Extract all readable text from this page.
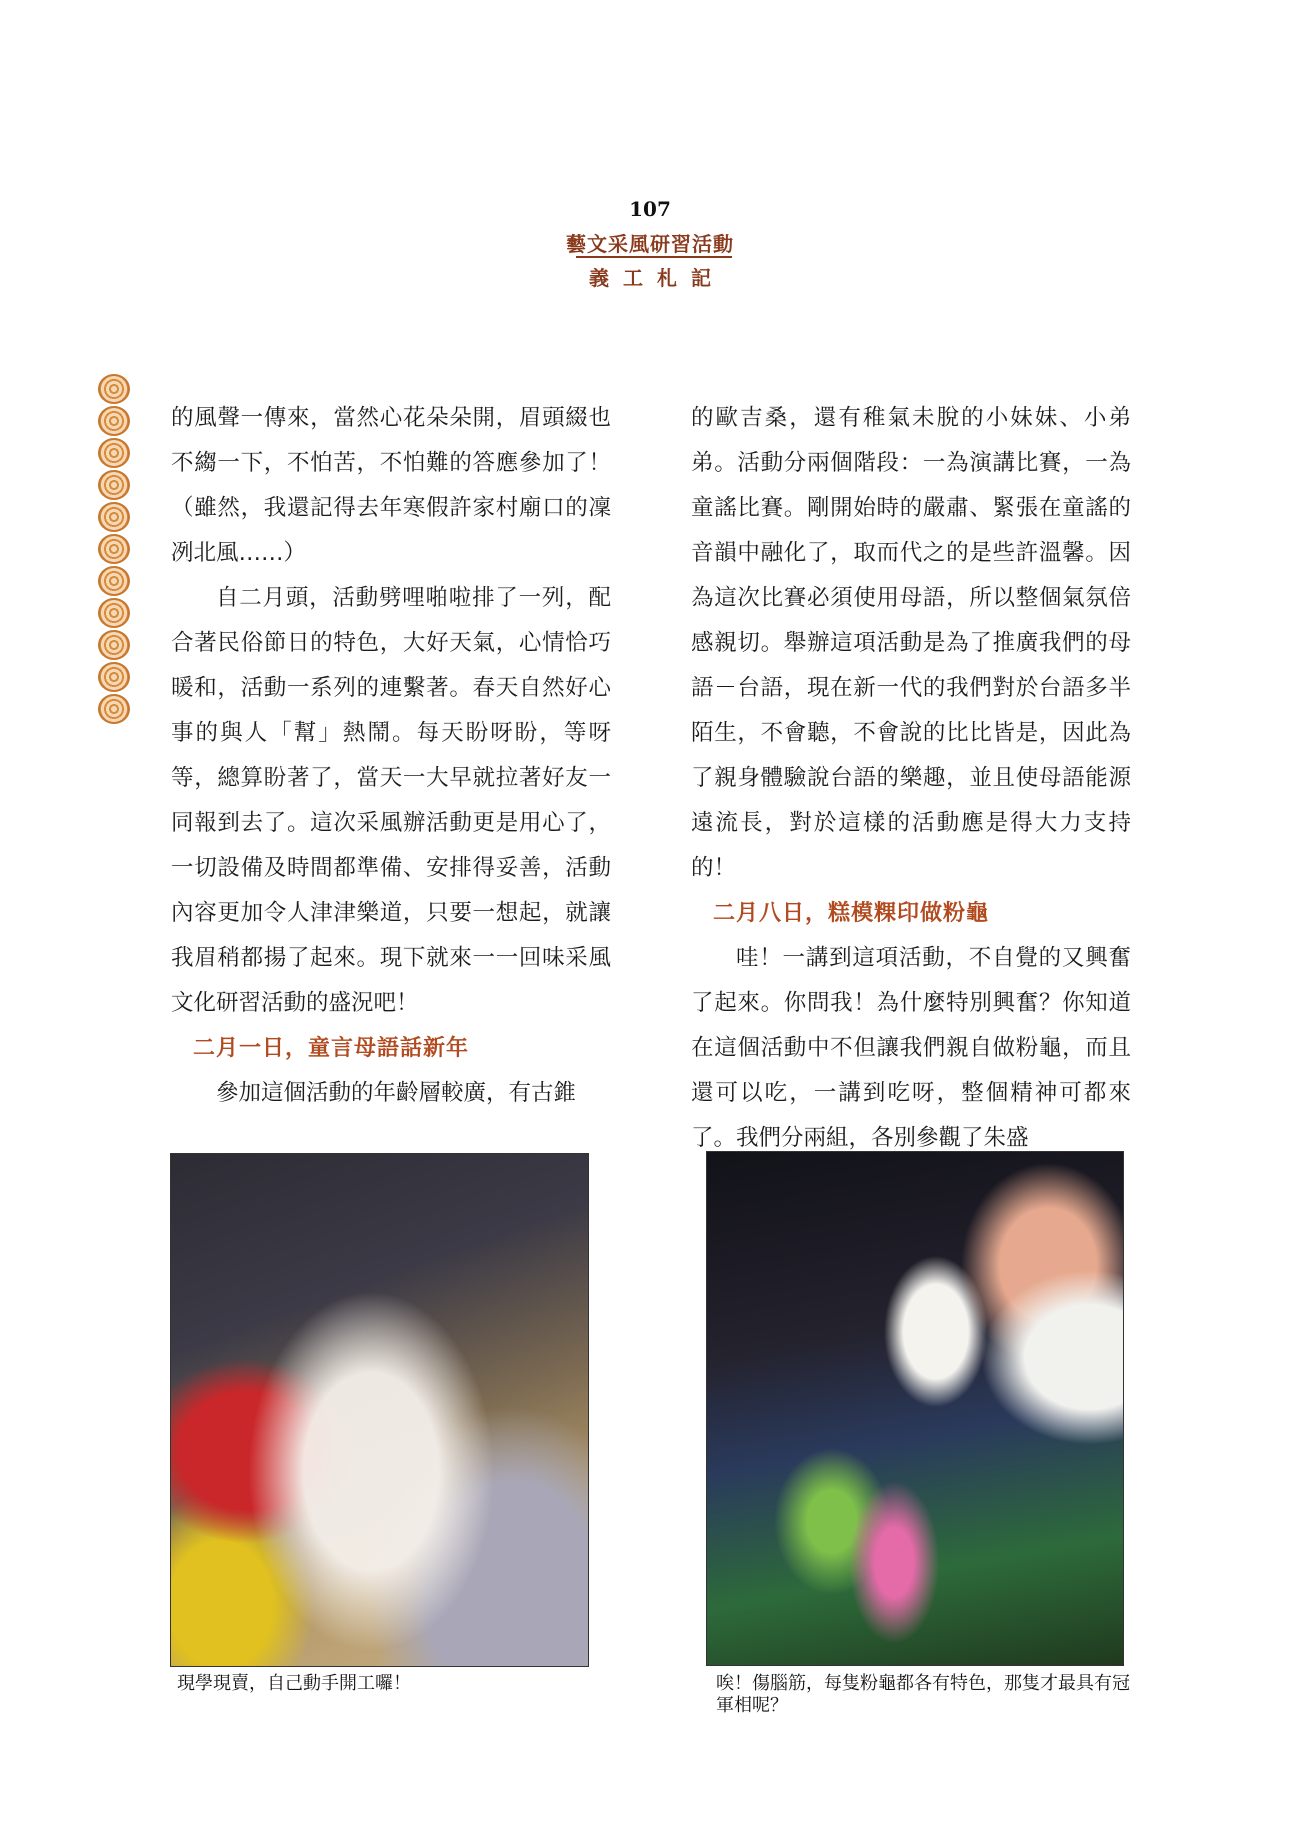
107
藝文采風研習活動
義工札記

的風聲一傳來，當然心花朵朵開，眉頭綴也不縐一下，不怕苦，不怕難的答應參加了！（雖然，我還記得去年寒假許家村廟口的凜冽北風……）

自二月頭，活動劈哩啪啦排了一列，配合著民俗節日的特色，大好天氣，心情恰巧暖和，活動一系列的連繫著。春天自然好心事的與人「幫」熱鬧。每天盼呀盼，等呀等，總算盼著了，當天一大早就拉著好友一同報到去了。這次采風辦活動更是用心了，一切設備及時間都準備、安排得妥善，活動內容更加令人津津樂道，只要一想起，就讓我眉稍都揚了起來。現下就來一一回味采風文化研習活動的盛況吧！

二月一日，童言母語話新年

參加這個活動的年齡層較廣，有古錐

的歐吉桑，還有稚氣未脫的小妹妹、小弟弟。活動分兩個階段：一為演講比賽，一為童謠比賽。剛開始時的嚴肅、緊張在童謠的音韻中融化了，取而代之的是些許溫馨。因為這次比賽必須使用母語，所以整個氣氛倍感親切。舉辦這項活動是為了推廣我們的母語－台語，現在新一代的我們對於台語多半陌生，不會聽，不會說的比比皆是，因此為了親身體驗說台語的樂趣，並且使母語能源遠流長，對於這樣的活動應是得大力支持的！

二月八日，糕模粿印做粉龜

哇！一講到這項活動，不自覺的又興奮了起來。你問我！為什麼特別興奮？你知道在這個活動中不但讓我們親自做粉龜，而且還可以吃，一講到吃呀，整個精神可都來了。我們分兩組，各別參觀了朱盛

現學現賣，自己動手開工囉！	唉！傷腦筋，每隻粉龜都各有特色，那隻才最具有冠軍相呢？
